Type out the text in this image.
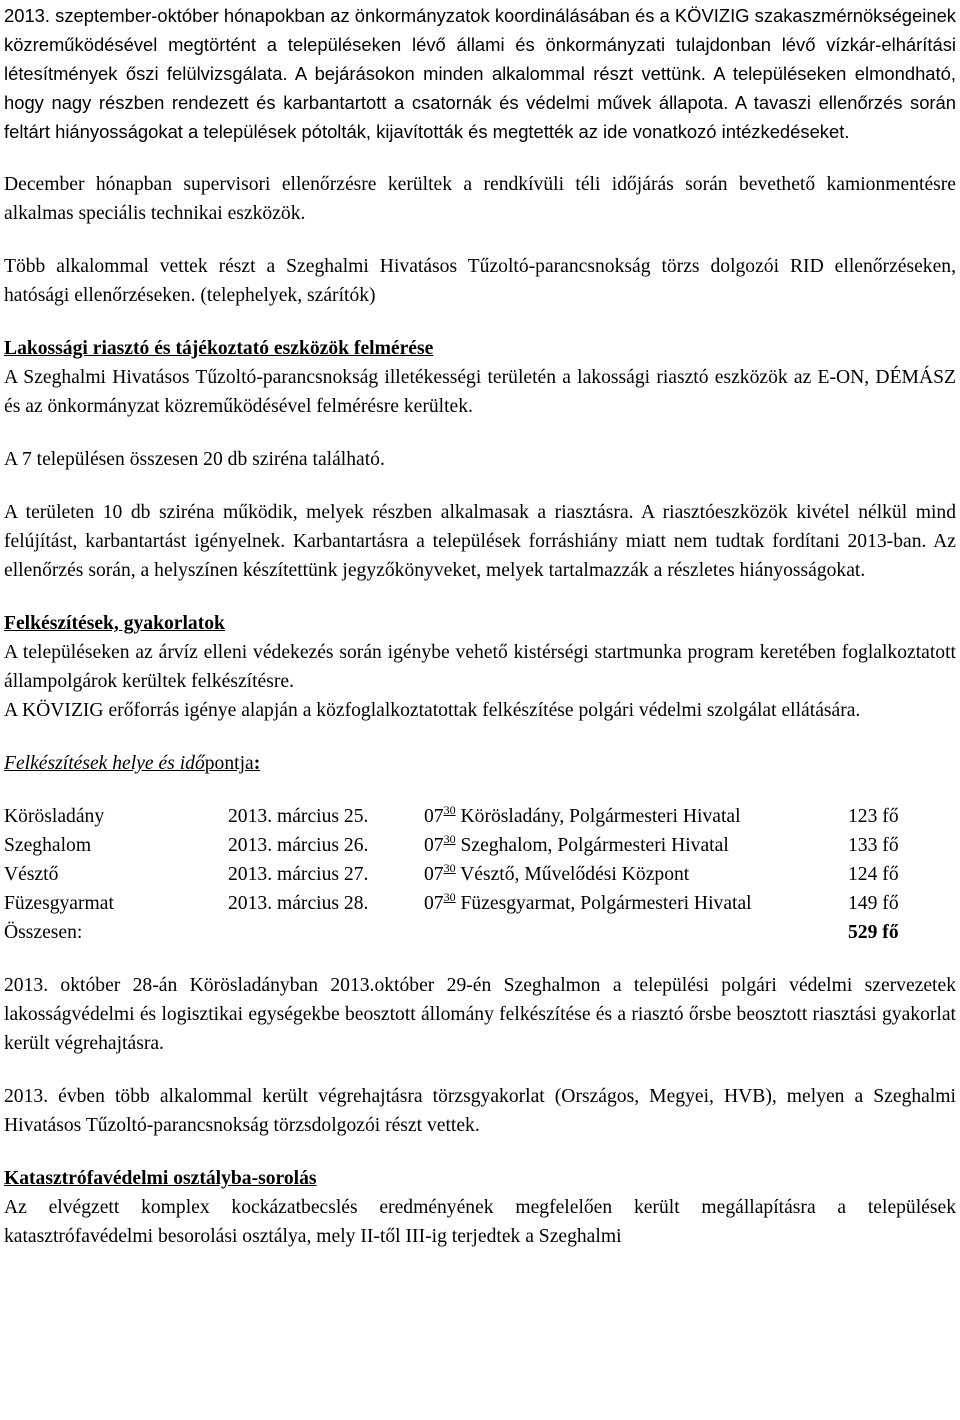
2013. szeptember-október hónapokban az önkormányzatok koordinálásában és a KÖVIZIG szakaszmérnökségeinek közreműködésével megtörtént a településeken lévő állami és önkormányzati tulajdonban lévő vízkár-elhárítási létesítmények őszi felülvizsgálata. A bejárásokon minden alkalommal részt vettünk. A településeken elmondható, hogy nagy részben rendezett és karbantartott a csatornák és védelmi művek állapota. A tavaszi ellenőrzés során feltárt hiányosságokat a települések pótolták, kijavították és megtették az ide vonatkozó intézkedéseket.

December hónapban supervisori ellenőrzésre kerültek a rendkívüli téli időjárás során bevethető kamionmentésre alkalmas speciális technikai eszközök.

Több alkalommal vettek részt a Szeghalmi Hivatásos Tűzoltó-parancsnokság törzs dolgozói RID ellenőrzéseken, hatósági ellenőrzéseken. (telephelyek, szárítók)

Lakossági riasztó és tájékoztató eszközök felmérése

A Szeghalmi Hivatásos Tűzoltó-parancsnokság illetékességi területén a lakossági riasztó eszközök az E-ON, DÉMÁSZ és az önkormányzat közreműködésével felmérésre kerültek.

A 7 településen összesen 20 db sziréna található.

A területen 10 db sziréna működik, melyek részben alkalmasak a riasztásra. A riasztóeszközök kivétel nélkül mind felújítást, karbantartást igényelnek. Karbantartásra a települések forráshiány miatt nem tudtak fordítani 2013-ban. Az ellenőrzés során, a helyszínen készítettünk jegyzőkönyveket, melyek tartalmazzák a részletes hiányosságokat.

Felkészítések, gyakorlatok

A településeken az árvíz elleni védekezés során igénybe vehető kistérségi startmunka program keretében foglalkoztatott állampolgárok kerültek felkészítésre.

A KÖVIZIG erőforrás igénye alapján a közfoglalkoztatottak felkészítése polgári védelmi szolgálat ellátására.

Felkészítések helye és időpontja:

Körösladány	2013. március 25.	$07^{30}$ Körösladány, Polgármesteri Hivatal	123 fő
Szeghalom	2013. március 26.	$07^{30}$ Szeghalom, Polgármesteri Hivatal	133 fő
Vésztő	2013. március 27.	$07^{30}$ Vésztő, Művelődési Központ	124 fő
Füzesgyarmat	2013. március 28.	$07^{30}$ Füzesgyarmat, Polgármesteri Hivatal	149 fő
Összesen:			529 fő

2013. október 28-án Körösladányban 2013.október 29-én Szeghalmon a települési polgári védelmi szervezetek lakosságvédelmi és logisztikai egységekbe beosztott állomány felkészítése és a riasztó őrsbe beosztott riasztási gyakorlat került végrehajtásra.

2013. évben több alkalommal került végrehajtásra törzsgyakorlat (Országos, Megyei, HVB), melyen a Szeghalmi Hivatásos Tűzoltó-parancsnokság törzsdolgozói részt vettek.

Katasztrófavédelmi osztályba-sorolás

Az elvégzett komplex kockázatbecslés eredményének megfelelően került megállapításra a települések katasztrófavédelmi besorolási osztálya, mely II-től III-ig terjedtek a Szeghalmi
